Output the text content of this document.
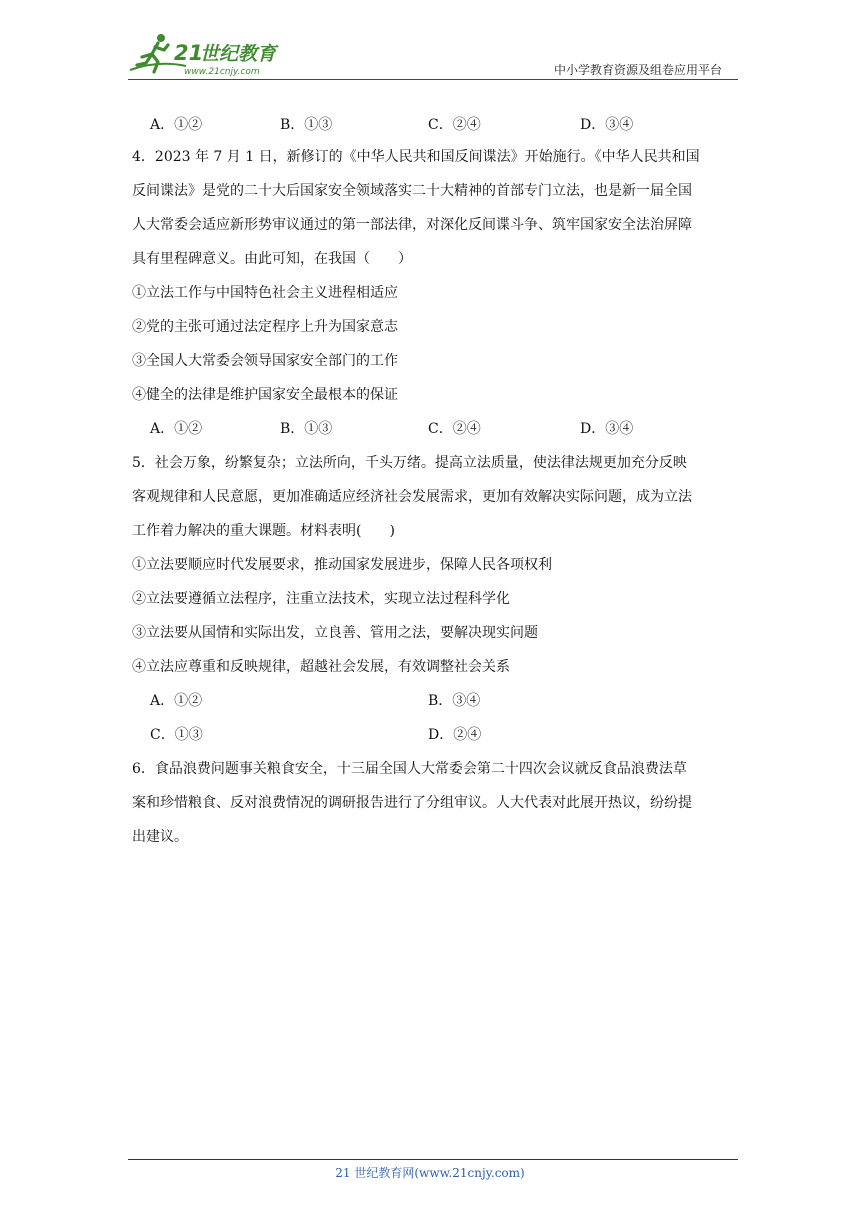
21
世纪教育
www.21cnjy.com	中小学教育资源及组卷应用平台
A．①②	B．①③	C．②④	D．③④
4．2023 年 7 月 1 日，新修订的《中华人民共和国反间谍法》开始施行。《中华人民共和国
反间谍法》是党的二十大后国家安全领域落实二十大精神的首部专门立法，也是新一届全国
人大常委会适应新形势审议通过的第一部法律，对深化反间谍斗争、筑牢国家安全法治屏障
具有里程碑意义。由此可知，在我国（　　）
①立法工作与中国特色社会主义进程相适应
②党的主张可通过法定程序上升为国家意志
③全国人大常委会领导国家安全部门的工作
④健全的法律是维护国家安全最根本的保证
A．①②	B．①③	C．②④	D．③④
5．社会万象，纷繁复杂；立法所向，千头万绪。提高立法质量，使法律法规更加充分反映
客观规律和人民意愿，更加准确适应经济社会发展需求，更加有效解决实际问题，成为立法
工作着力解决的重大课题。材料表明(　　)
①立法要顺应时代发展要求，推动国家发展进步，保障人民各项权利
②立法要遵循立法程序，注重立法技术，实现立法过程科学化
③立法要从国情和实际出发，立良善、管用之法，要解决现实问题
④立法应尊重和反映规律，超越社会发展，有效调整社会关系
A．①②	B．③④
C．①③	D．②④
6．食品浪费问题事关粮食安全，十三届全国人大常委会第二十四次会议就反食品浪费法草
案和珍惜粮食、反对浪费情况的调研报告进行了分组审议。人大代表对此展开热议，纷纷提
出建议。
21 世纪教育网(www.21cnjy.com)
